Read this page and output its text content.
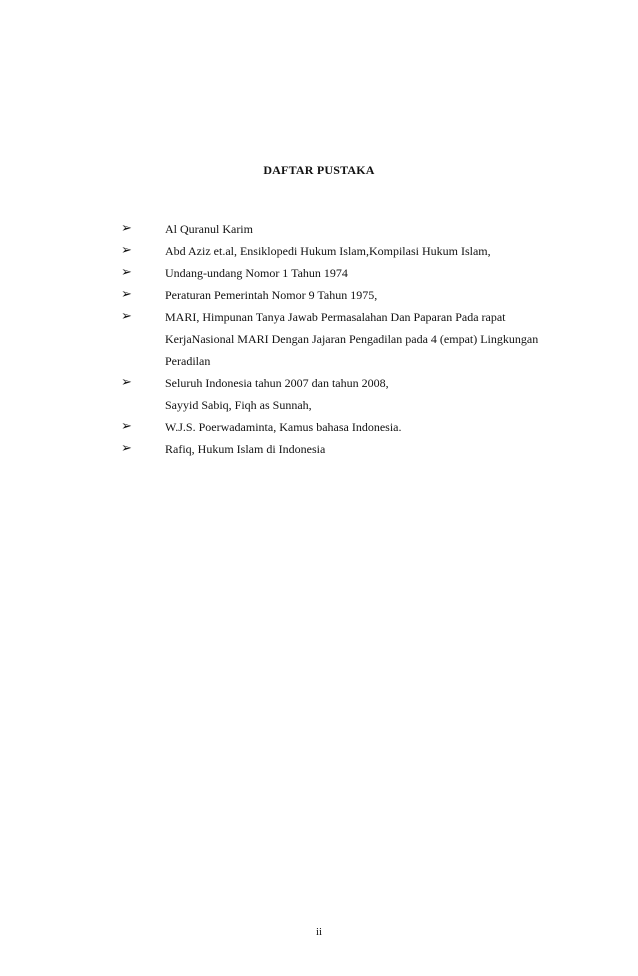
DAFTAR PUSTAKA
➢	Al Quranul Karim
➢	Abd Aziz et.al, Ensiklopedi Hukum Islam,Kompilasi Hukum Islam,
➢	Undang-undang Nomor 1 Tahun 1974
➢	Peraturan Pemerintah Nomor 9 Tahun 1975,
➢	MARI, Himpunan Tanya Jawab Permasalahan Dan Paparan Pada rapat
KerjaNasional MARI Dengan Jajaran Pengadilan pada 4 (empat) Lingkungan
Peradilan
➢	Seluruh Indonesia tahun 2007 dan tahun 2008,
Sayyid Sabiq, Fiqh as Sunnah,
➢	W.J.S. Poerwadaminta, Kamus bahasa Indonesia.
➢	Rafiq, Hukum Islam di Indonesia
ii
